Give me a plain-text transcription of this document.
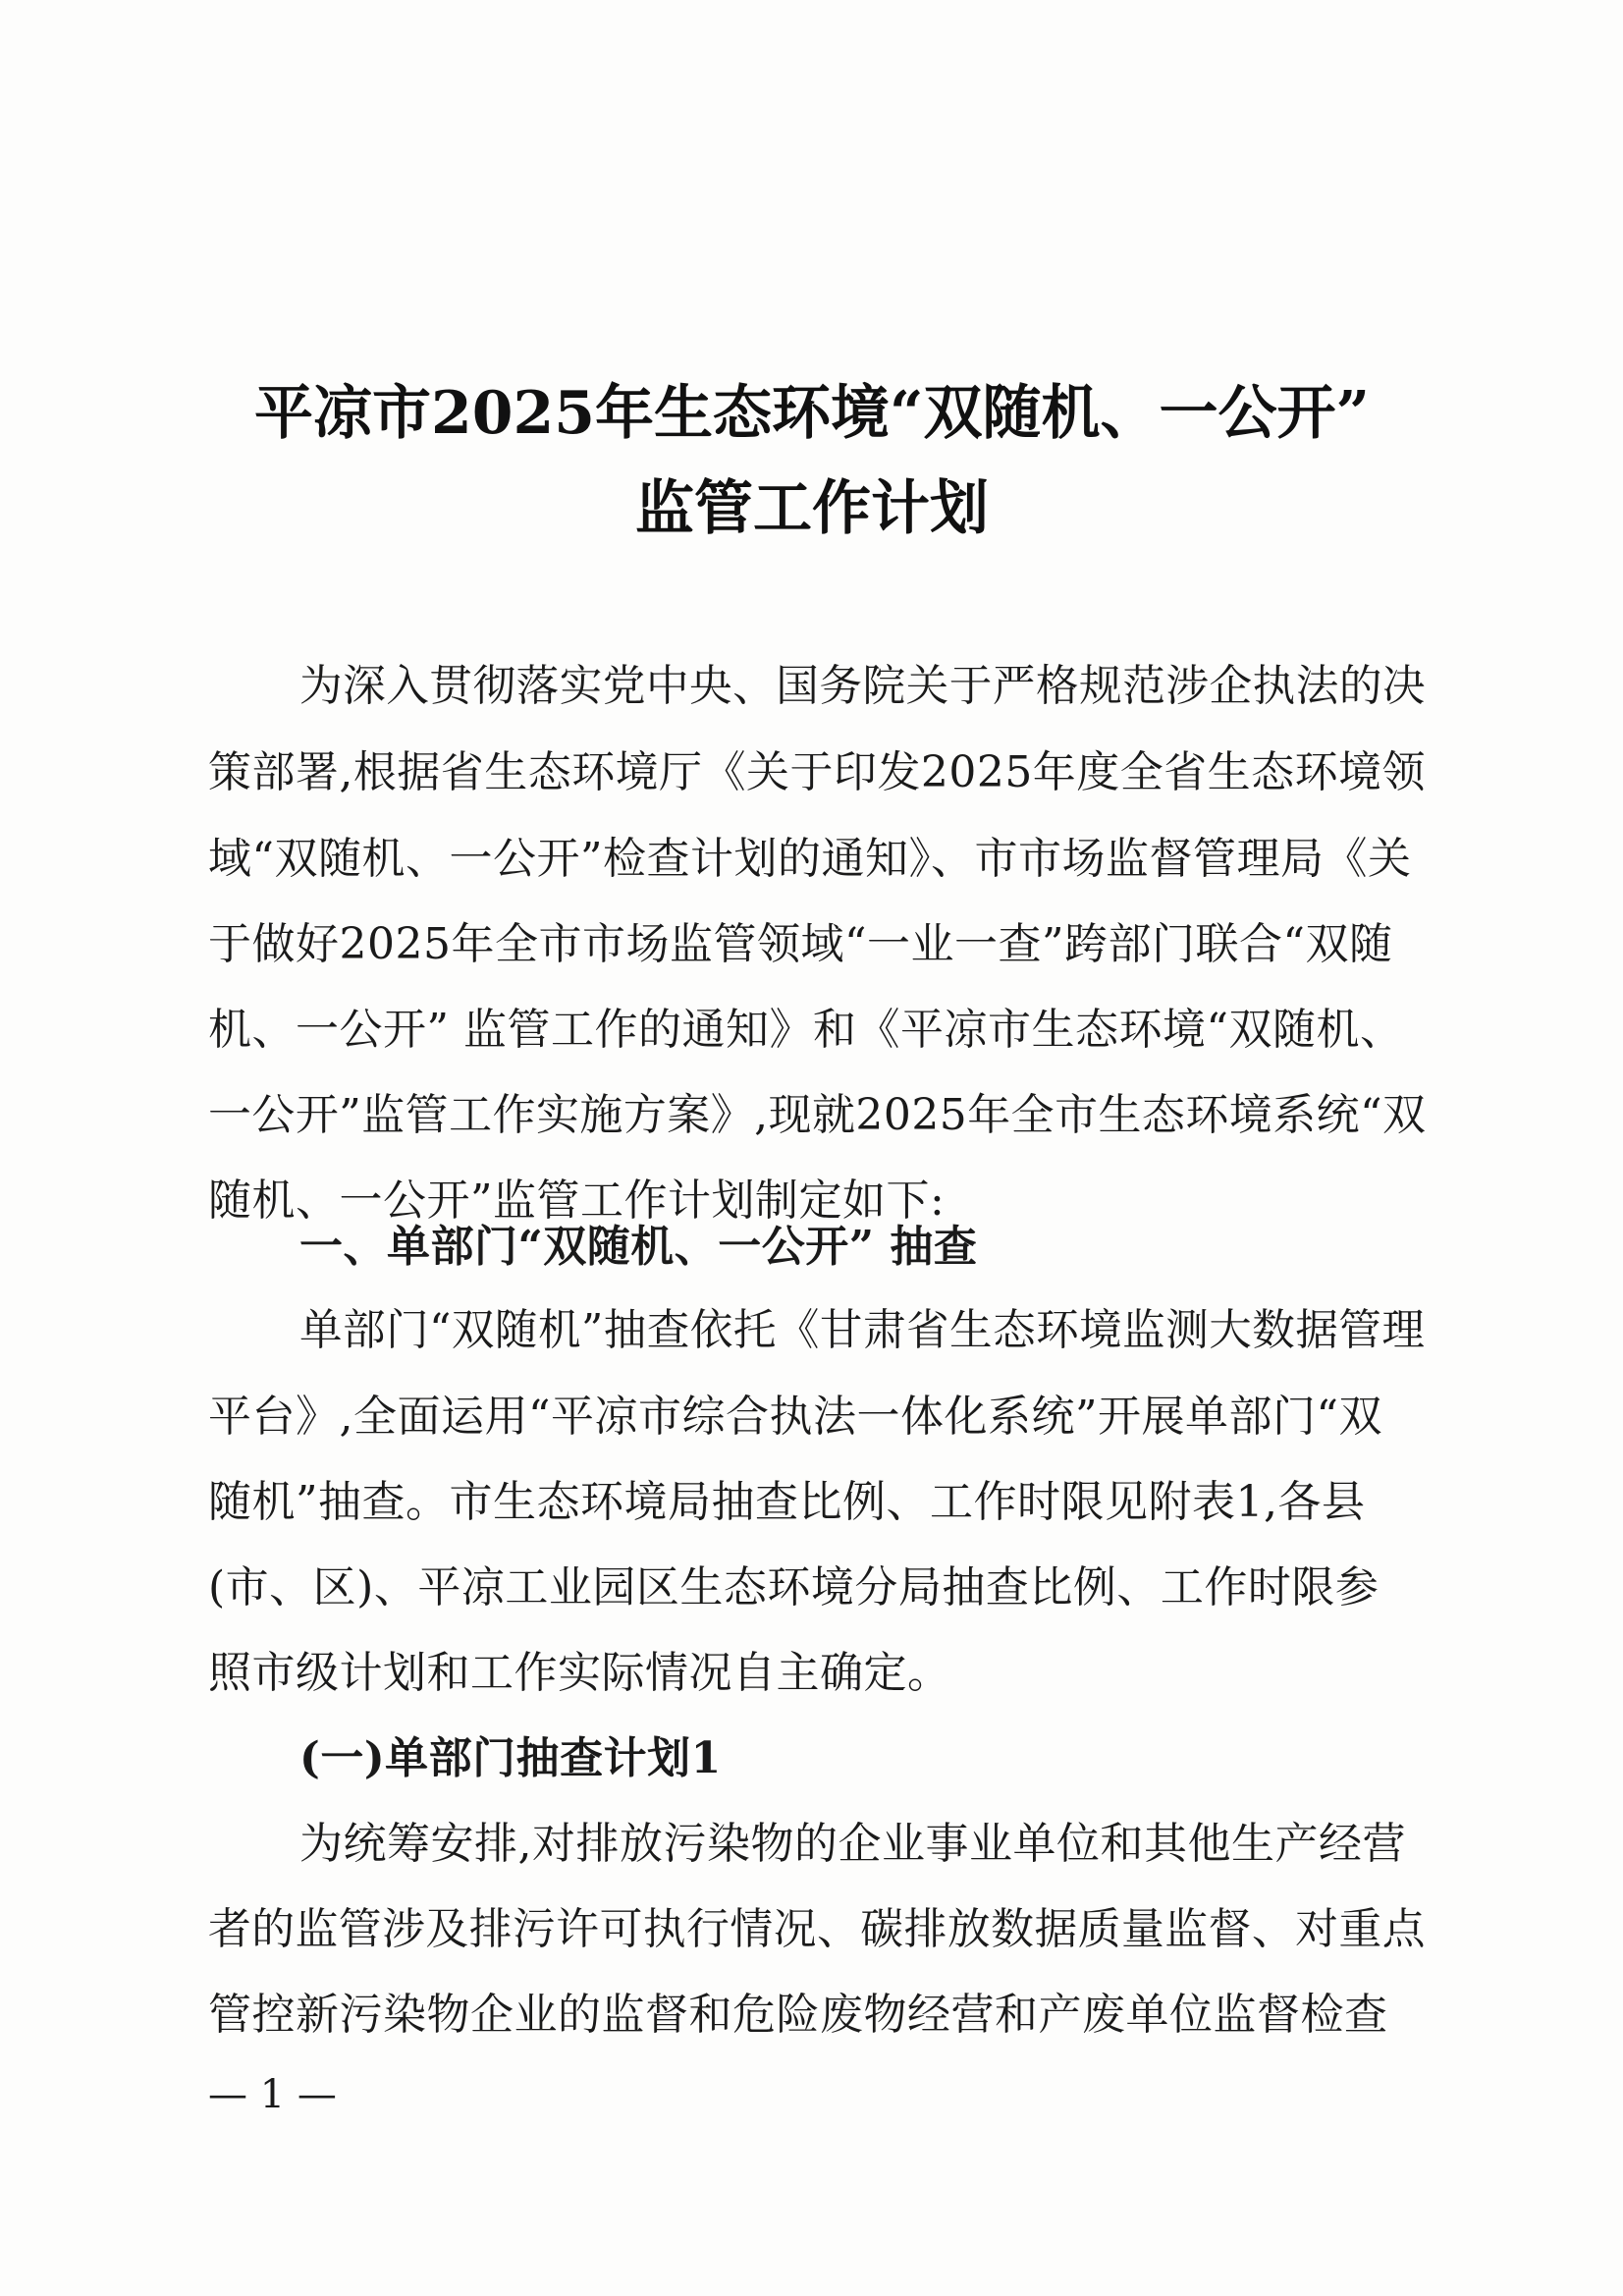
平凉市2025年生态环境“双随机、一公开”
监管工作计划
为深入贯彻落实党中央、国务院关于严格规范涉企执法的决
策部署,根据省生态环境厅《关于印发2025年度全省生态环境领
域“双随机、一公开”检查计划的通知》、市市场监督管理局《关
于做好2025年全市市场监管领域“一业一查”跨部门联合“双随
机、一公开” 监管工作的通知》和《平凉市生态环境“双随机、
一公开”监管工作实施方案》,现就2025年全市生态环境系统“双
随机、一公开”监管工作计划制定如下:
一、单部门“双随机、一公开” 抽查
单部门“双随机”抽查依托《甘肃省生态环境监测大数据管理
平台》,全面运用“平凉市综合执法一体化系统”开展单部门“双
随机”抽查。市生态环境局抽查比例、工作时限见附表1,各县
(市、区)、平凉工业园区生态环境分局抽查比例、工作时限参
照市级计划和工作实际情况自主确定。
(一)单部门抽查计划1
为统筹安排,对排放污染物的企业事业单位和其他生产经营
者的监管涉及排污许可执行情况、碳排放数据质量监督、对重点
管控新污染物企业的监督和危险废物经营和产废单位监督检查
— 1 —
